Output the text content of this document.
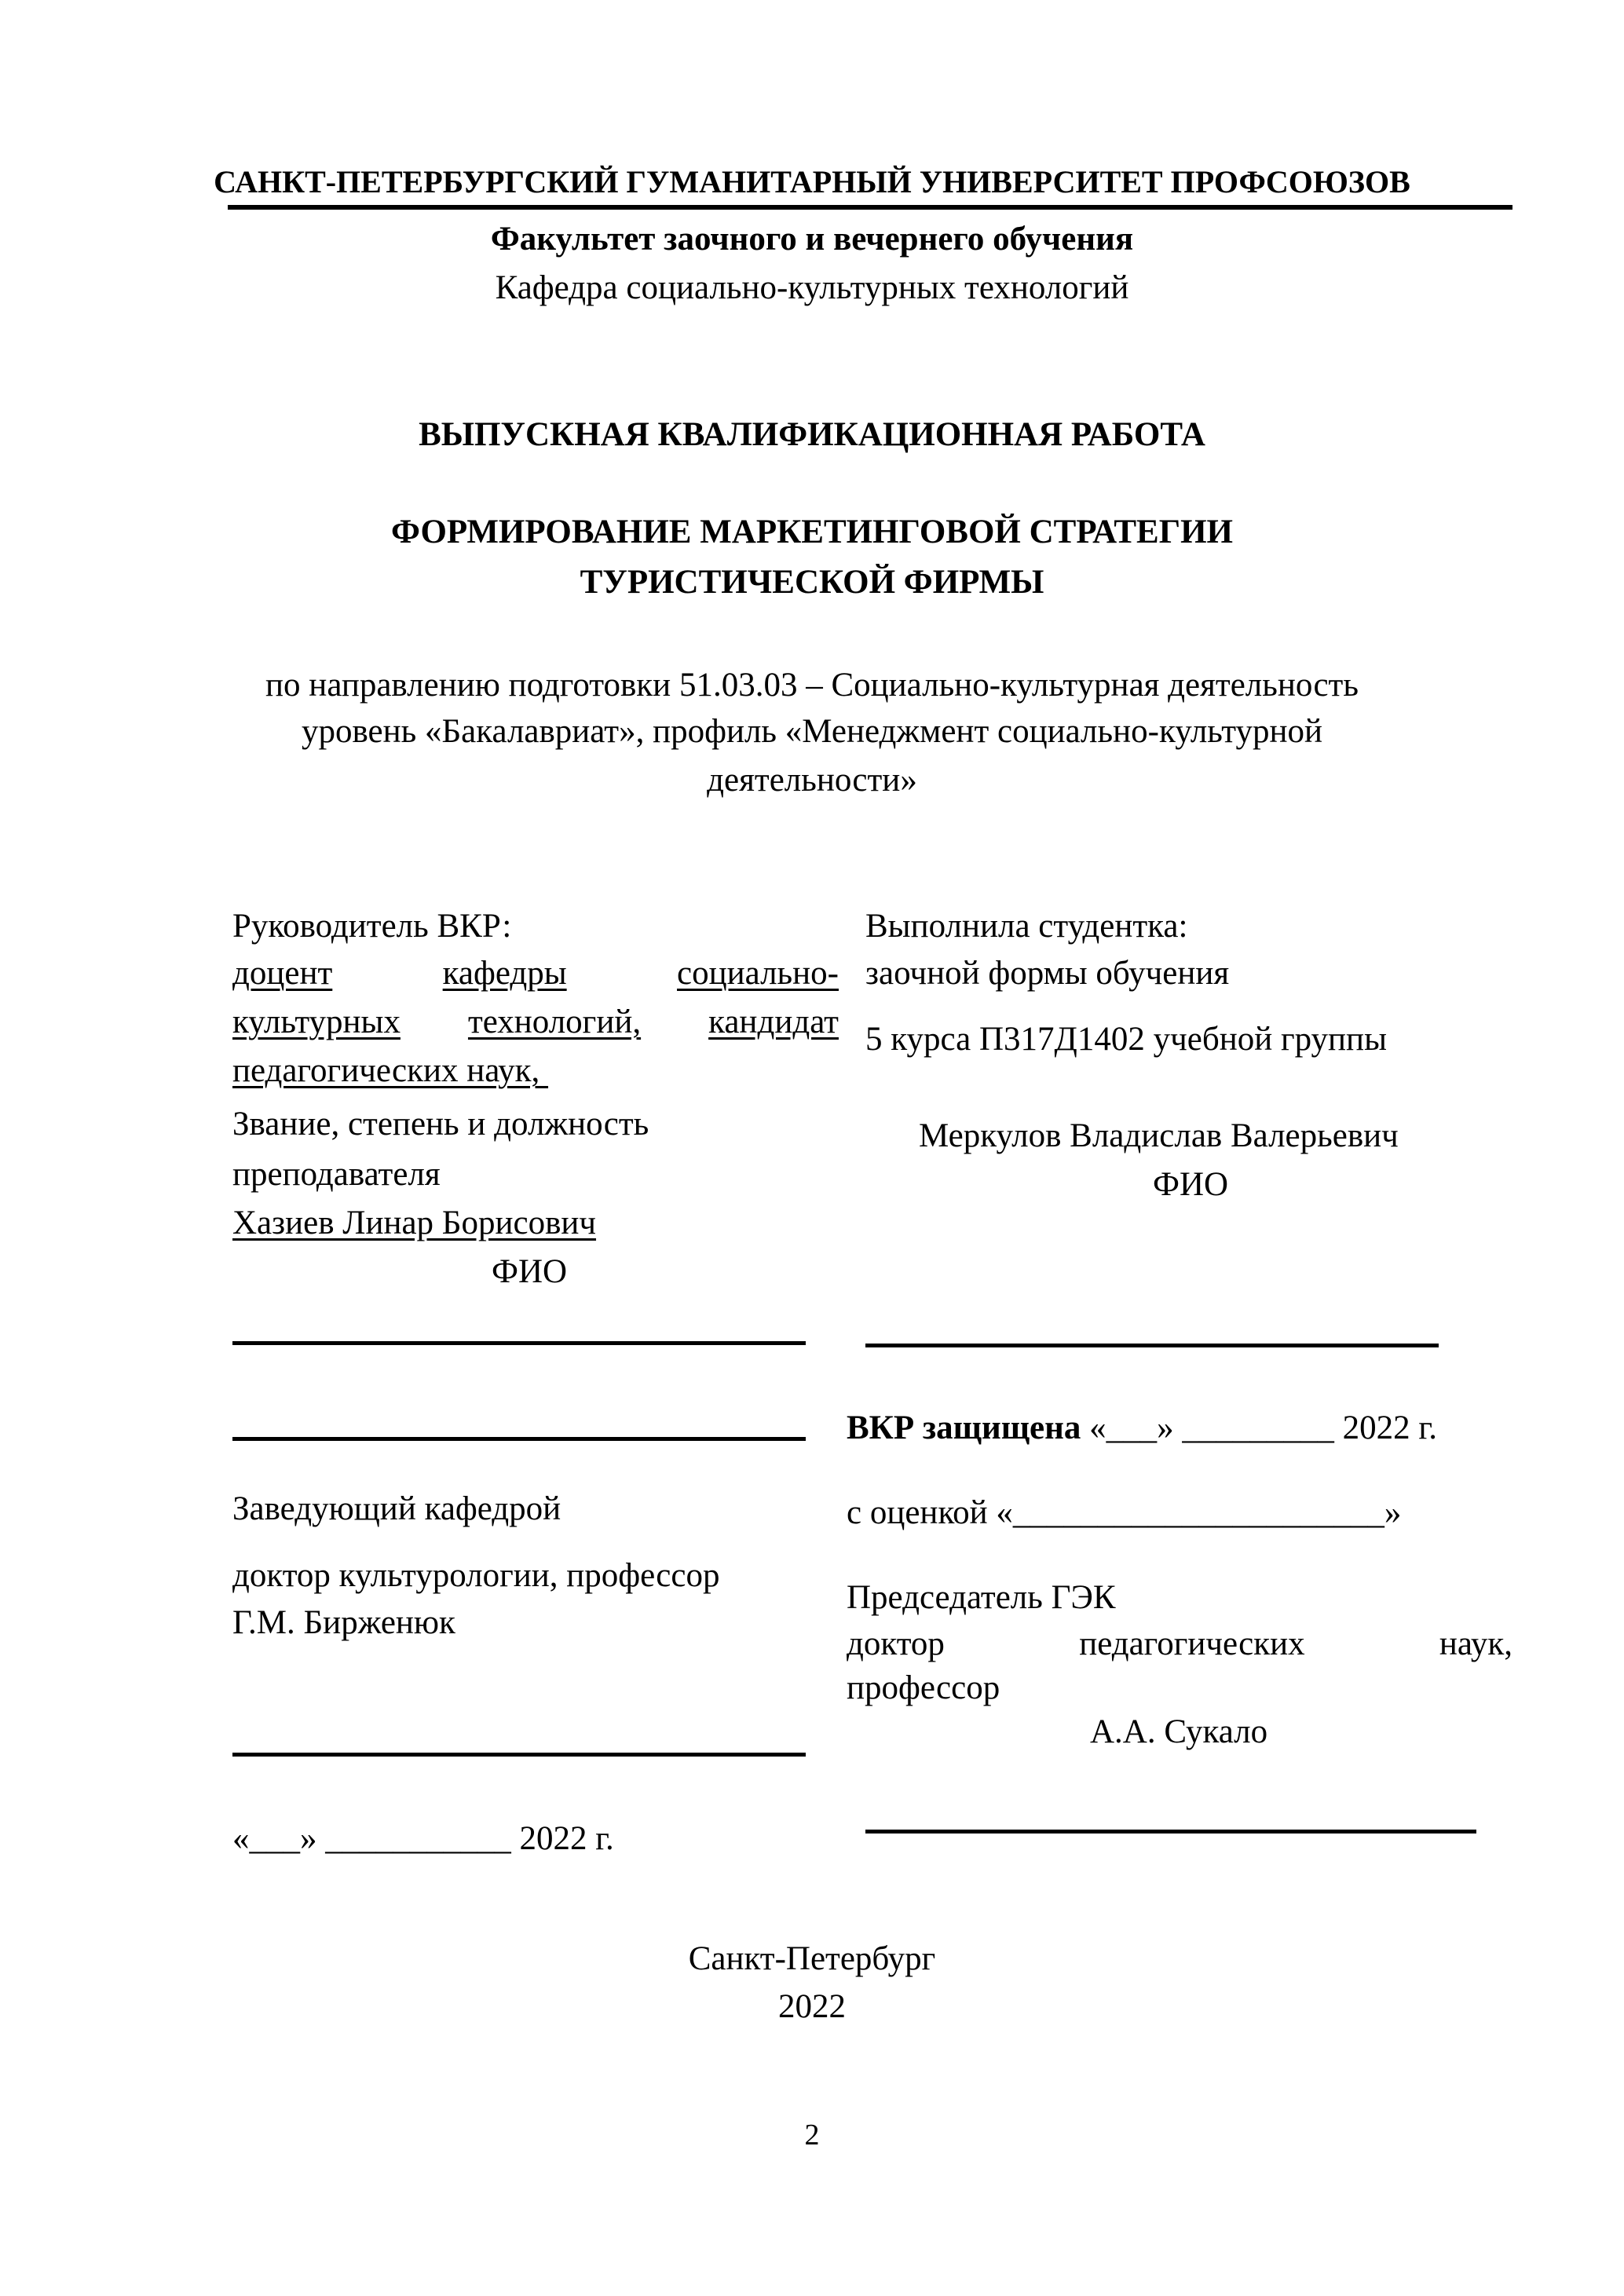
САНКТ-ПЕТЕРБУРГСКИЙ ГУМАНИТАРНЫЙ УНИВЕРСИТЕТ ПРОФСОЮЗОВ
Факультет заочного и вечернего обучения
Кафедра социально-культурных технологий
ВЫПУСКНАЯ КВАЛИФИКАЦИОННАЯ РАБОТА
ФОРМИРОВАНИЕ МАРКЕТИНГОВОЙ СТРАТЕГИИ
ТУРИСТИЧЕСКОЙ ФИРМЫ
по направлению подготовки 51.03.03 – Социально-культурная деятельность
уровень «Бакалавриат», профиль «Менеджмент социально-культурной
деятельности»
Руководитель ВКР:
доцент	кафедры	социально-
культурных технологий, кандидат
педагогических наук,
Звание, степень и должность
преподавателя
Хазиев Линар Борисович
ФИО
Выполнила студентка:
заочной формы обучения
5 курса П317Д1402 учебной группы
Меркулов Владислав Валерьевич
ФИО
ВКР защищена «___» _________ 2022 г.
с оценкой «______________________»
Заведующий кафедрой
доктор культурологии, профессор
Г.М. Бирженюк
«___» ___________ 2022 г.
Председатель ГЭК
доктор	педагогических	наук,
профессор
А.А. Сукало
Санкт-Петербург
2022
2
